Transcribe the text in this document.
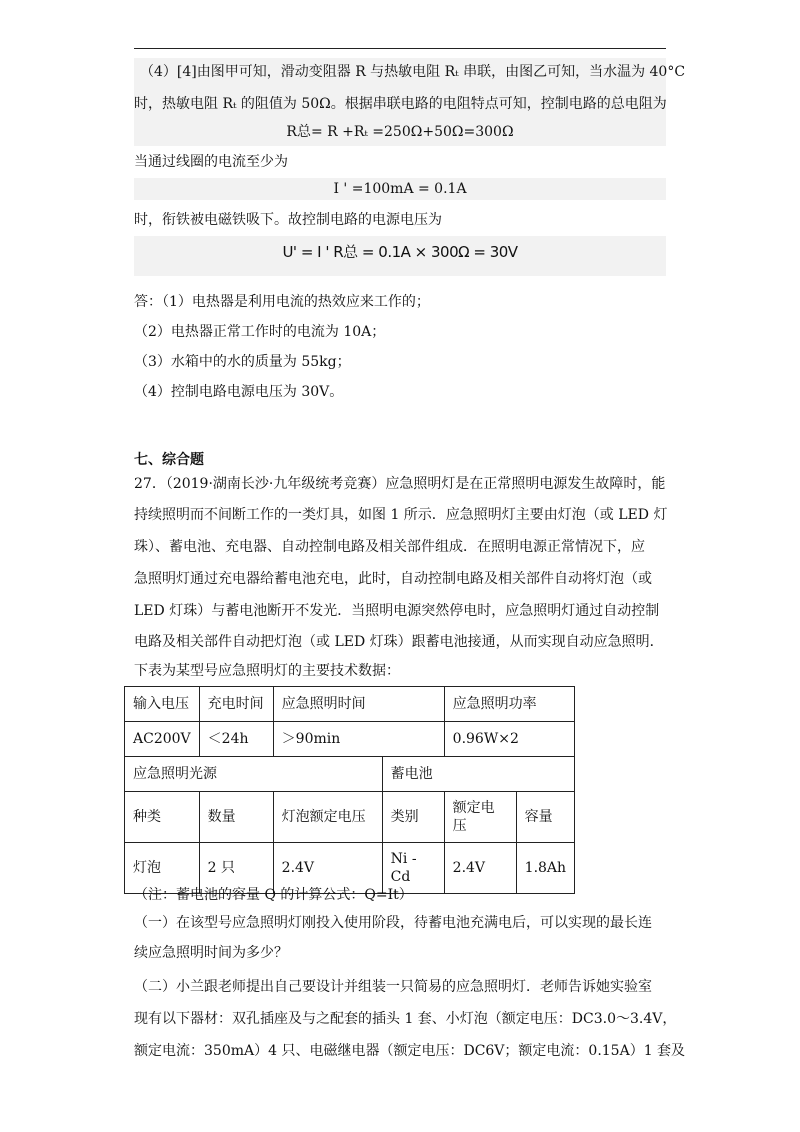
（4）[4]由图甲可知，滑动变阻器 R 与热敏电阻 Rₜ 串联，由图乙可知，当水温为 40°C
时，热敏电阻 Rₜ 的阻值为 50Ω。根据串联电路的电阻特点可知，控制电路的总电阻为
R总= R +Rₜ =250Ω+50Ω=300Ω
当通过线圈的电流至少为
I ' =100mA = 0.1A
时，衔铁被电磁铁吸下。故控制电路的电源电压为
U' = I ' R总 = 0.1A × 300Ω = 30V
答：（1）电热器是利用电流的热效应来工作的；
（2）电热器正常工作时的电流为 10A；
（3）水箱中的水的质量为 55kg；
（4）控制电路电源电压为 30V。
七、综合题
27．（2019·湖南长沙·九年级统考竞赛）应急照明灯是在正常照明电源发生故障时，能
持续照明而不间断工作的一类灯具，如图 1 所示．应急照明灯主要由灯泡（或 LED 灯
珠）、蓄电池、充电器、自动控制电路及相关部件组成．在照明电源正常情况下，应
急照明灯通过充电器给蓄电池充电，此时，自动控制电路及相关部件自动将灯泡（或
LED 灯珠）与蓄电池断开不发光．当照明电源突然停电时，应急照明灯通过自动控制
电路及相关部件自动把灯泡（或 LED 灯珠）跟蓄电池接通，从而实现自动应急照明．
下表为某型号应急照明灯的主要技术数据：
输入电压	充电时间	应急照明时间		应急照明功率	
AC200V	＜24h	＞90min		0.96W×2	
应急照明光源			蓄电池		
种类	数量	灯泡额定电压	类别	额定电压	容量
灯泡	2 只	2.4V	Ni - Cd	2.4V	1.8Ah
（注：蓄电池的容量 Q 的计算公式：Q=It）
（一）在该型号应急照明灯刚投入使用阶段，待蓄电池充满电后，可以实现的最长连
续应急照明时间为多少？
（二）小兰跟老师提出自己要设计并组装一只简易的应急照明灯．老师告诉她实验室
现有以下器材：双孔插座及与之配套的插头 1 套、小灯泡（额定电压：DC3.0～3.4V，
额定电流：350mA）4 只、电磁继电器（额定电压：DC6V；额定电流：0.15A）1 套及
